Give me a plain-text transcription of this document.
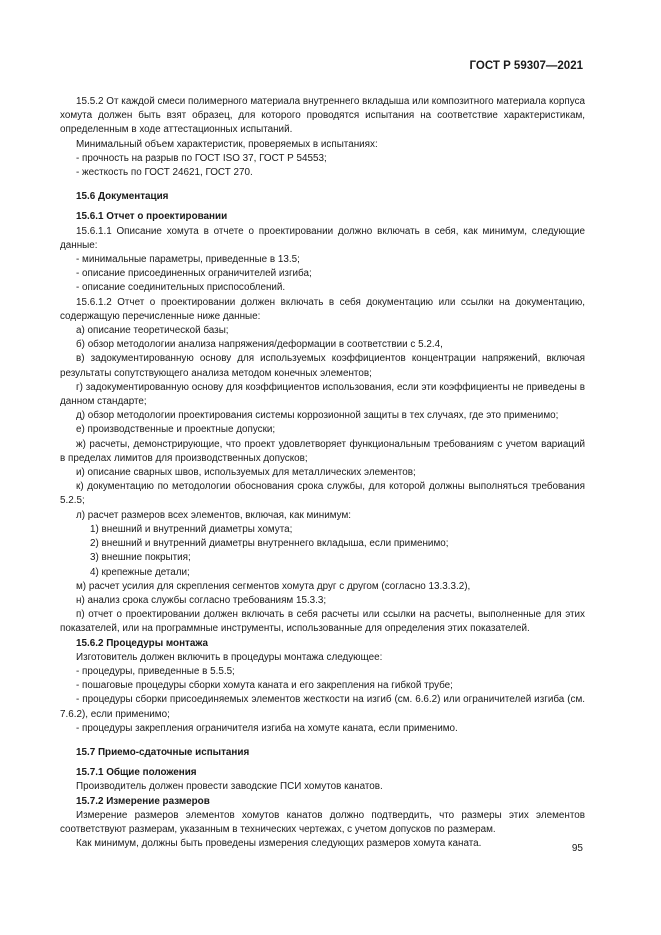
ГОСТ Р 59307—2021

15.5.2 От каждой смеси полимерного материала внутреннего вкладыша или композитного материала корпуса хомута должен быть взят образец, для которого проводятся испытания на соответствие характеристикам, определенным в ходе аттестационных испытаний.

Минимальный объем характеристик, проверяемых в испытаниях:

- прочность на разрыв по ГОСТ ISO 37, ГОСТ Р 54553;

- жесткость по ГОСТ 24621, ГОСТ 270.

15.6 Документация

15.6.1 Отчет о проектировании

15.6.1.1 Описание хомута в отчете о проектировании должно включать в себя, как минимум, следующие данные:

- минимальные параметры, приведенные в 13.5;

- описание присоединенных ограничителей изгиба;

- описание соединительных приспособлений.

15.6.1.2 Отчет о проектировании должен включать в себя документацию или ссылки на документацию, содержащую перечисленные ниже данные:

а) описание теоретической базы;

б) обзор методологии анализа напряжения/деформации в соответствии с 5.2.4,

в) задокументированную основу для используемых коэффициентов концентрации напряжений, включая результаты сопутствующего анализа методом конечных элементов;

г) задокументированную основу для коэффициентов использования, если эти коэффициенты не приведены в данном стандарте;

д) обзор методологии проектирования системы коррозионной защиты в тех случаях, где это применимо;

е) производственные и проектные допуски;

ж) расчеты, демонстрирующие, что проект удовлетворяет функциональным требованиям с учетом вариаций в пределах лимитов для производственных допусков;

и) описание сварных швов, используемых для металлических элементов;

к) документацию по методологии обоснования срока службы, для которой должны выполняться требования 5.2.5;

л) расчет размеров всех элементов, включая, как минимум:

1) внешний и внутренний диаметры хомута;

2) внешний и внутренний диаметры внутреннего вкладыша, если применимо;

3) внешние покрытия;

4) крепежные детали;

м) расчет усилия для скрепления сегментов хомута друг с другом (согласно 13.3.3.2),

н) анализ срока службы согласно требованиям 15.3.3;

п) отчет о проектировании должен включать в себя расчеты или ссылки на расчеты, выполненные для этих показателей, или на программные инструменты, использованные для определения этих показателей.

15.6.2 Процедуры монтажа

Изготовитель должен включить в процедуры монтажа следующее:

- процедуры, приведенные в 5.5.5;

- пошаговые процедуры сборки хомута каната и его закрепления на гибкой трубе;

- процедуры сборки присоединяемых элементов жесткости на изгиб (см. 6.6.2) или ограничителей изгиба (см. 7.6.2), если применимо;

- процедуры закрепления ограничителя изгиба на хомуте каната, если применимо.

15.7 Приемо-сдаточные испытания

15.7.1 Общие положения

Производитель должен провести заводские ПСИ хомутов канатов.

15.7.2 Измерение размеров

Измерение размеров элементов хомутов канатов должно подтвердить, что размеры этих элементов соответствуют размерам, указанным в технических чертежах, с учетом допусков по размерам.

Как минимум, должны быть проведены измерения следующих размеров хомута каната.	95
